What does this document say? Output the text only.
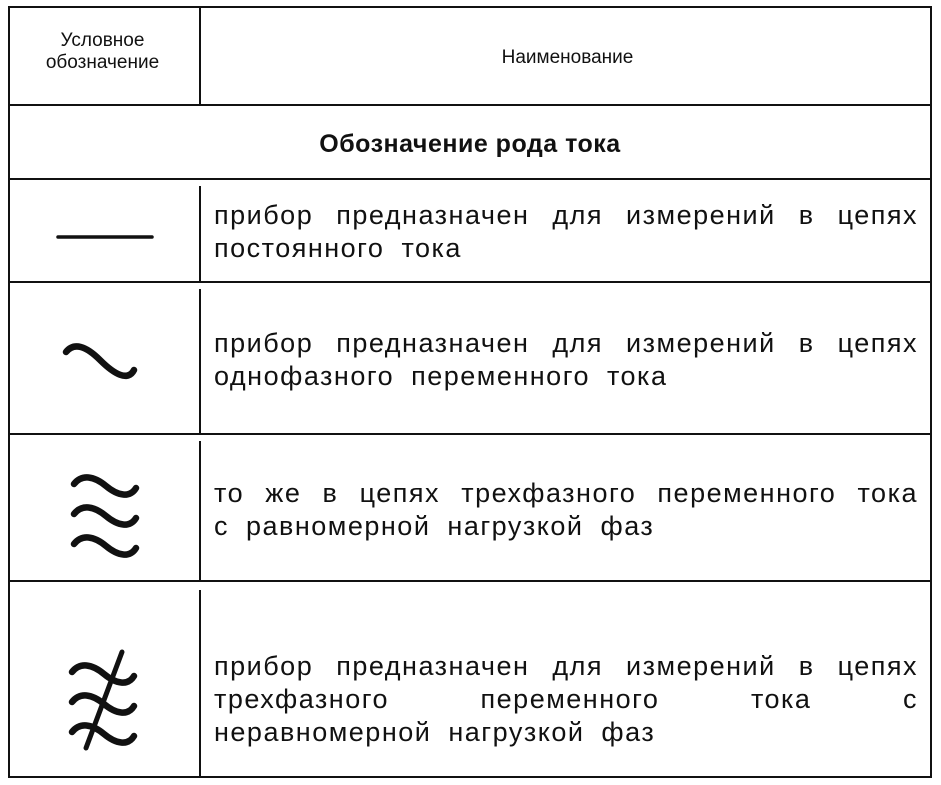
Условное обозначение	Наименование
Обозначение рода тока
прибор предназначен для измерений в цепях постоянного тока
прибор предназначен для измерений в цепях однофазного переменного тока
то же в цепях трехфазного переменного тока с равномерной нагрузкой фаз
прибор предназначен для измерений в цепях трехфазного переменного тока с неравномерной нагрузкой фаз
